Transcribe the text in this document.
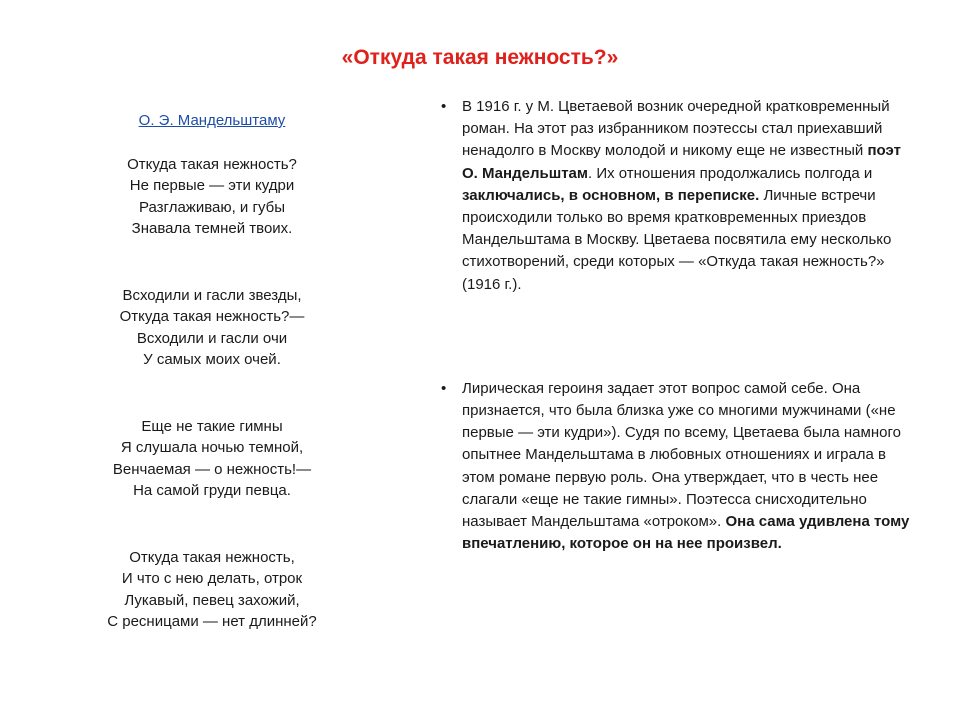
«Откуда такая нежность?»
О. Э. Мандельштаму
Откуда такая нежность?
Не первые — эти кудри
Разглаживаю, и губы
Знавала темней твоих.
Всходили и гасли звезды,
Откуда такая нежность?—
Всходили и гасли очи
У самых моих очей.
Еще не такие гимны
Я слушала ночью темной,
Венчаемая — о нежность!—
На самой груди певца.
Откуда такая нежность,
И что с нею делать, отрок
Лукавый, певец захожий,
С ресницами — нет длинней?
• В 1916 г. у М. Цветаевой возник очередной кратковременный роман. На этот раз избранником поэтессы стал приехавший ненадолго в Москву молодой и никому еще не известный поэт О. Мандельштам. Их отношения продолжались полгода и заключались, в основном, в переписке. Личные встречи происходили только во время кратковременных приездов Мандельштама в Москву. Цветаева посвятила ему несколько стихотворений, среди которых — «Откуда такая нежность?» (1916 г.).
• Лирическая героиня задает этот вопрос самой себе. Она признается, что была близка уже со многими мужчинами («не первые — эти кудри»). Судя по всему, Цветаева была намного опытнее Мандельштама в любовных отношениях и играла в этом романе первую роль. Она утверждает, что в честь нее слагали «еще не такие гимны». Поэтесса снисходительно называет Мандельштама «отроком». Она сама удивлена тому впечатлению, которое он на нее произвел.
